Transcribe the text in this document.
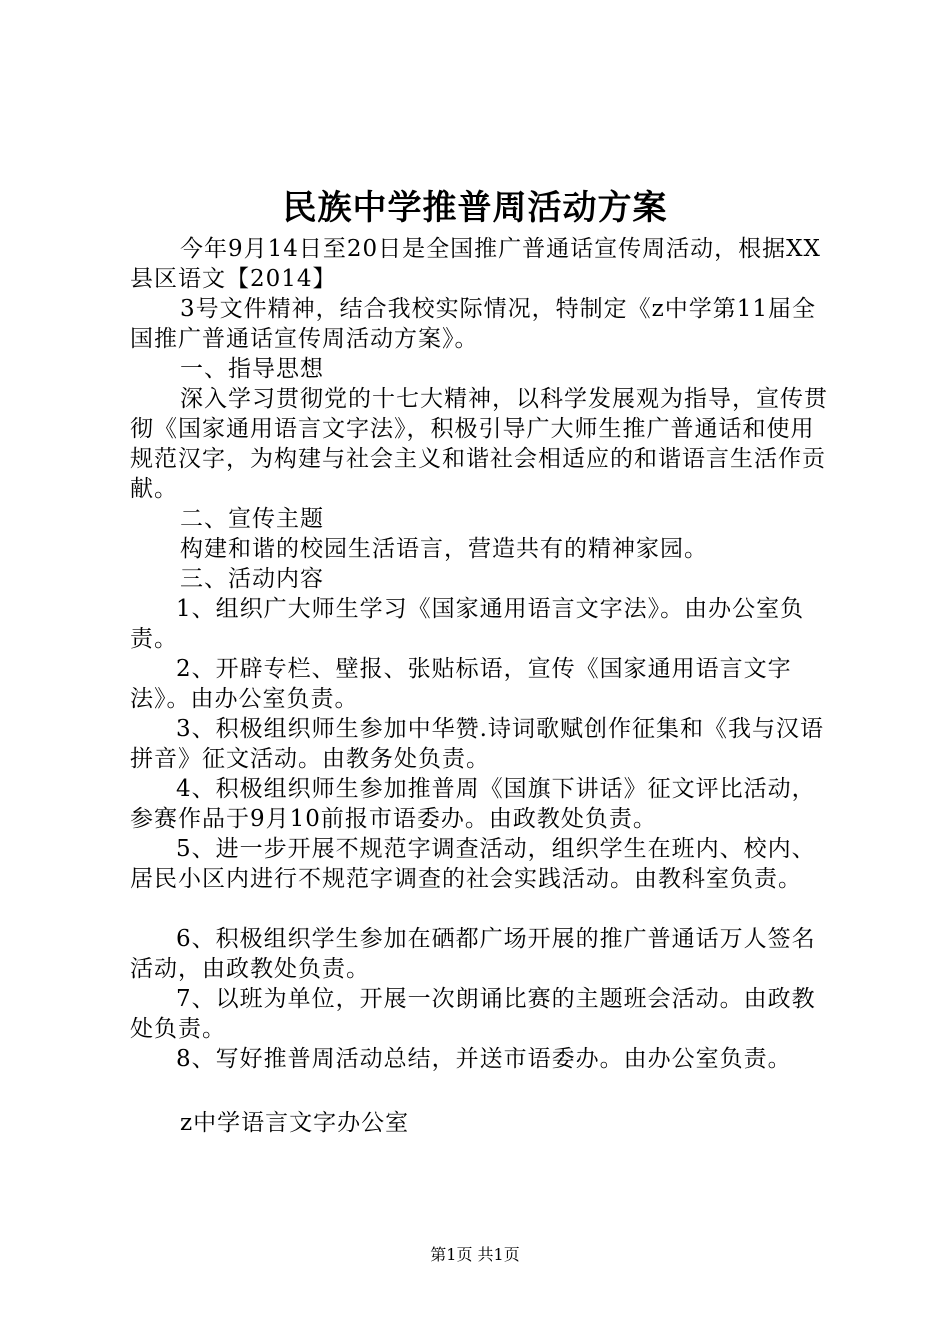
民族中学推普周活动方案

今年9月14日至20日是全国推广普通话宣传周活动，根据XX县区语文【2014】

3号文件精神，结合我校实际情况，特制定《z中学第11届全国推广普通话宣传周活动方案》。

一、指导思想

深入学习贯彻党的十七大精神，以科学发展观为指导，宣传贯彻《国家通用语言文字法》，积极引导广大师生推广普通话和使用规范汉字，为构建与社会主义和谐社会相适应的和谐语言生活作贡献。

二、宣传主题

构建和谐的校园生活语言，营造共有的精神家园。

三、活动内容

1、组织广大师生学习《国家通用语言文字法》。由办公室负责。

2、开辟专栏、壁报、张贴标语，宣传《国家通用语言文字法》。由办公室负责。

3、积极组织师生参加中华赞.诗词歌赋创作征集和《我与汉语拼音》征文活动。由教务处负责。

4、积极组织师生参加推普周《国旗下讲话》征文评比活动，参赛作品于9月10前报市语委办。由政教处负责。

5、进一步开展不规范字调查活动，组织学生在班内、校内、居民小区内进行不规范字调查的社会实践活动。由教科室负责。

6、积极组织学生参加在硒都广场开展的推广普通话万人签名活动，由政教处负责。

7、以班为单位，开展一次朗诵比赛的主题班会活动。由政教处负责。

8、写好推普周活动总结，并送市语委办。由办公室负责。

z中学语言文字办公室

第1页 共1页
